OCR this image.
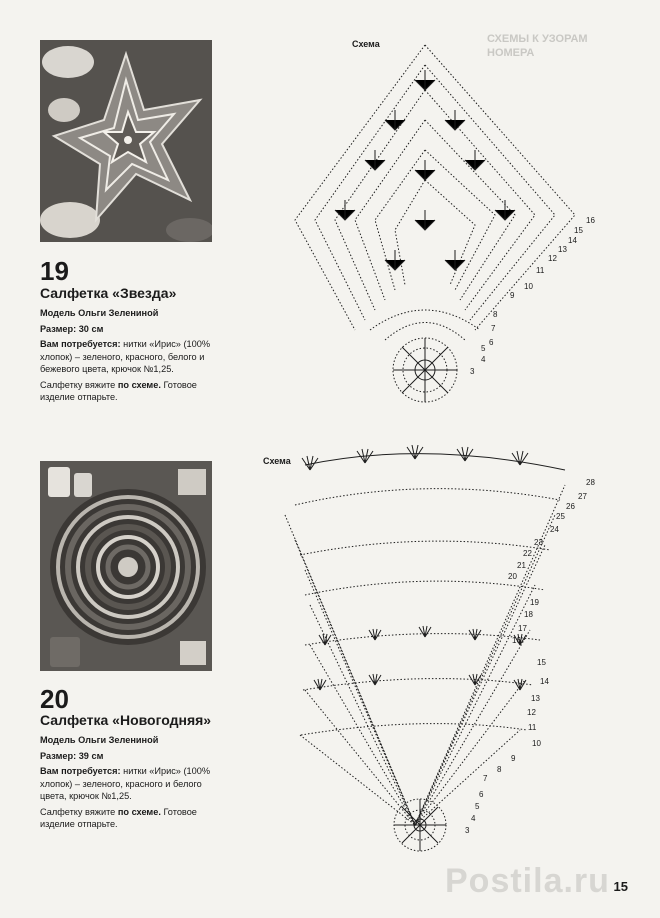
СХЕМЫ К УЗОРАМ
НОМЕРА
19
Салфетка «Звезда»
Модель Ольги Зелениной
Размер: 30 см
Вам потребуется: нитки «Ирис» (100% хлопок) – зеленого, красного, белого и бежевого цвета, крючок №1,25.
Салфетку вяжите по схеме. Готовое изделие отпарьте.
Схема
16
15
14
13
12
11
10
9
8
7
6
5
4
3
20
Салфетка «Новогодняя»
Модель Ольги Зелениной
Размер: 39 см
Вам потребуется: нитки «Ирис» (100% хлопок) – зеленого, красного и белого цвета, крючок №1,25.
Салфетку вяжите по схеме. Готовое изделие отпарьте.
Схема
28
27
26
25
24
23
22
21
20
19
18
17
16
15
14
13
12
11
10
9
8
7
6
5
4
3
Postila.ru 15
